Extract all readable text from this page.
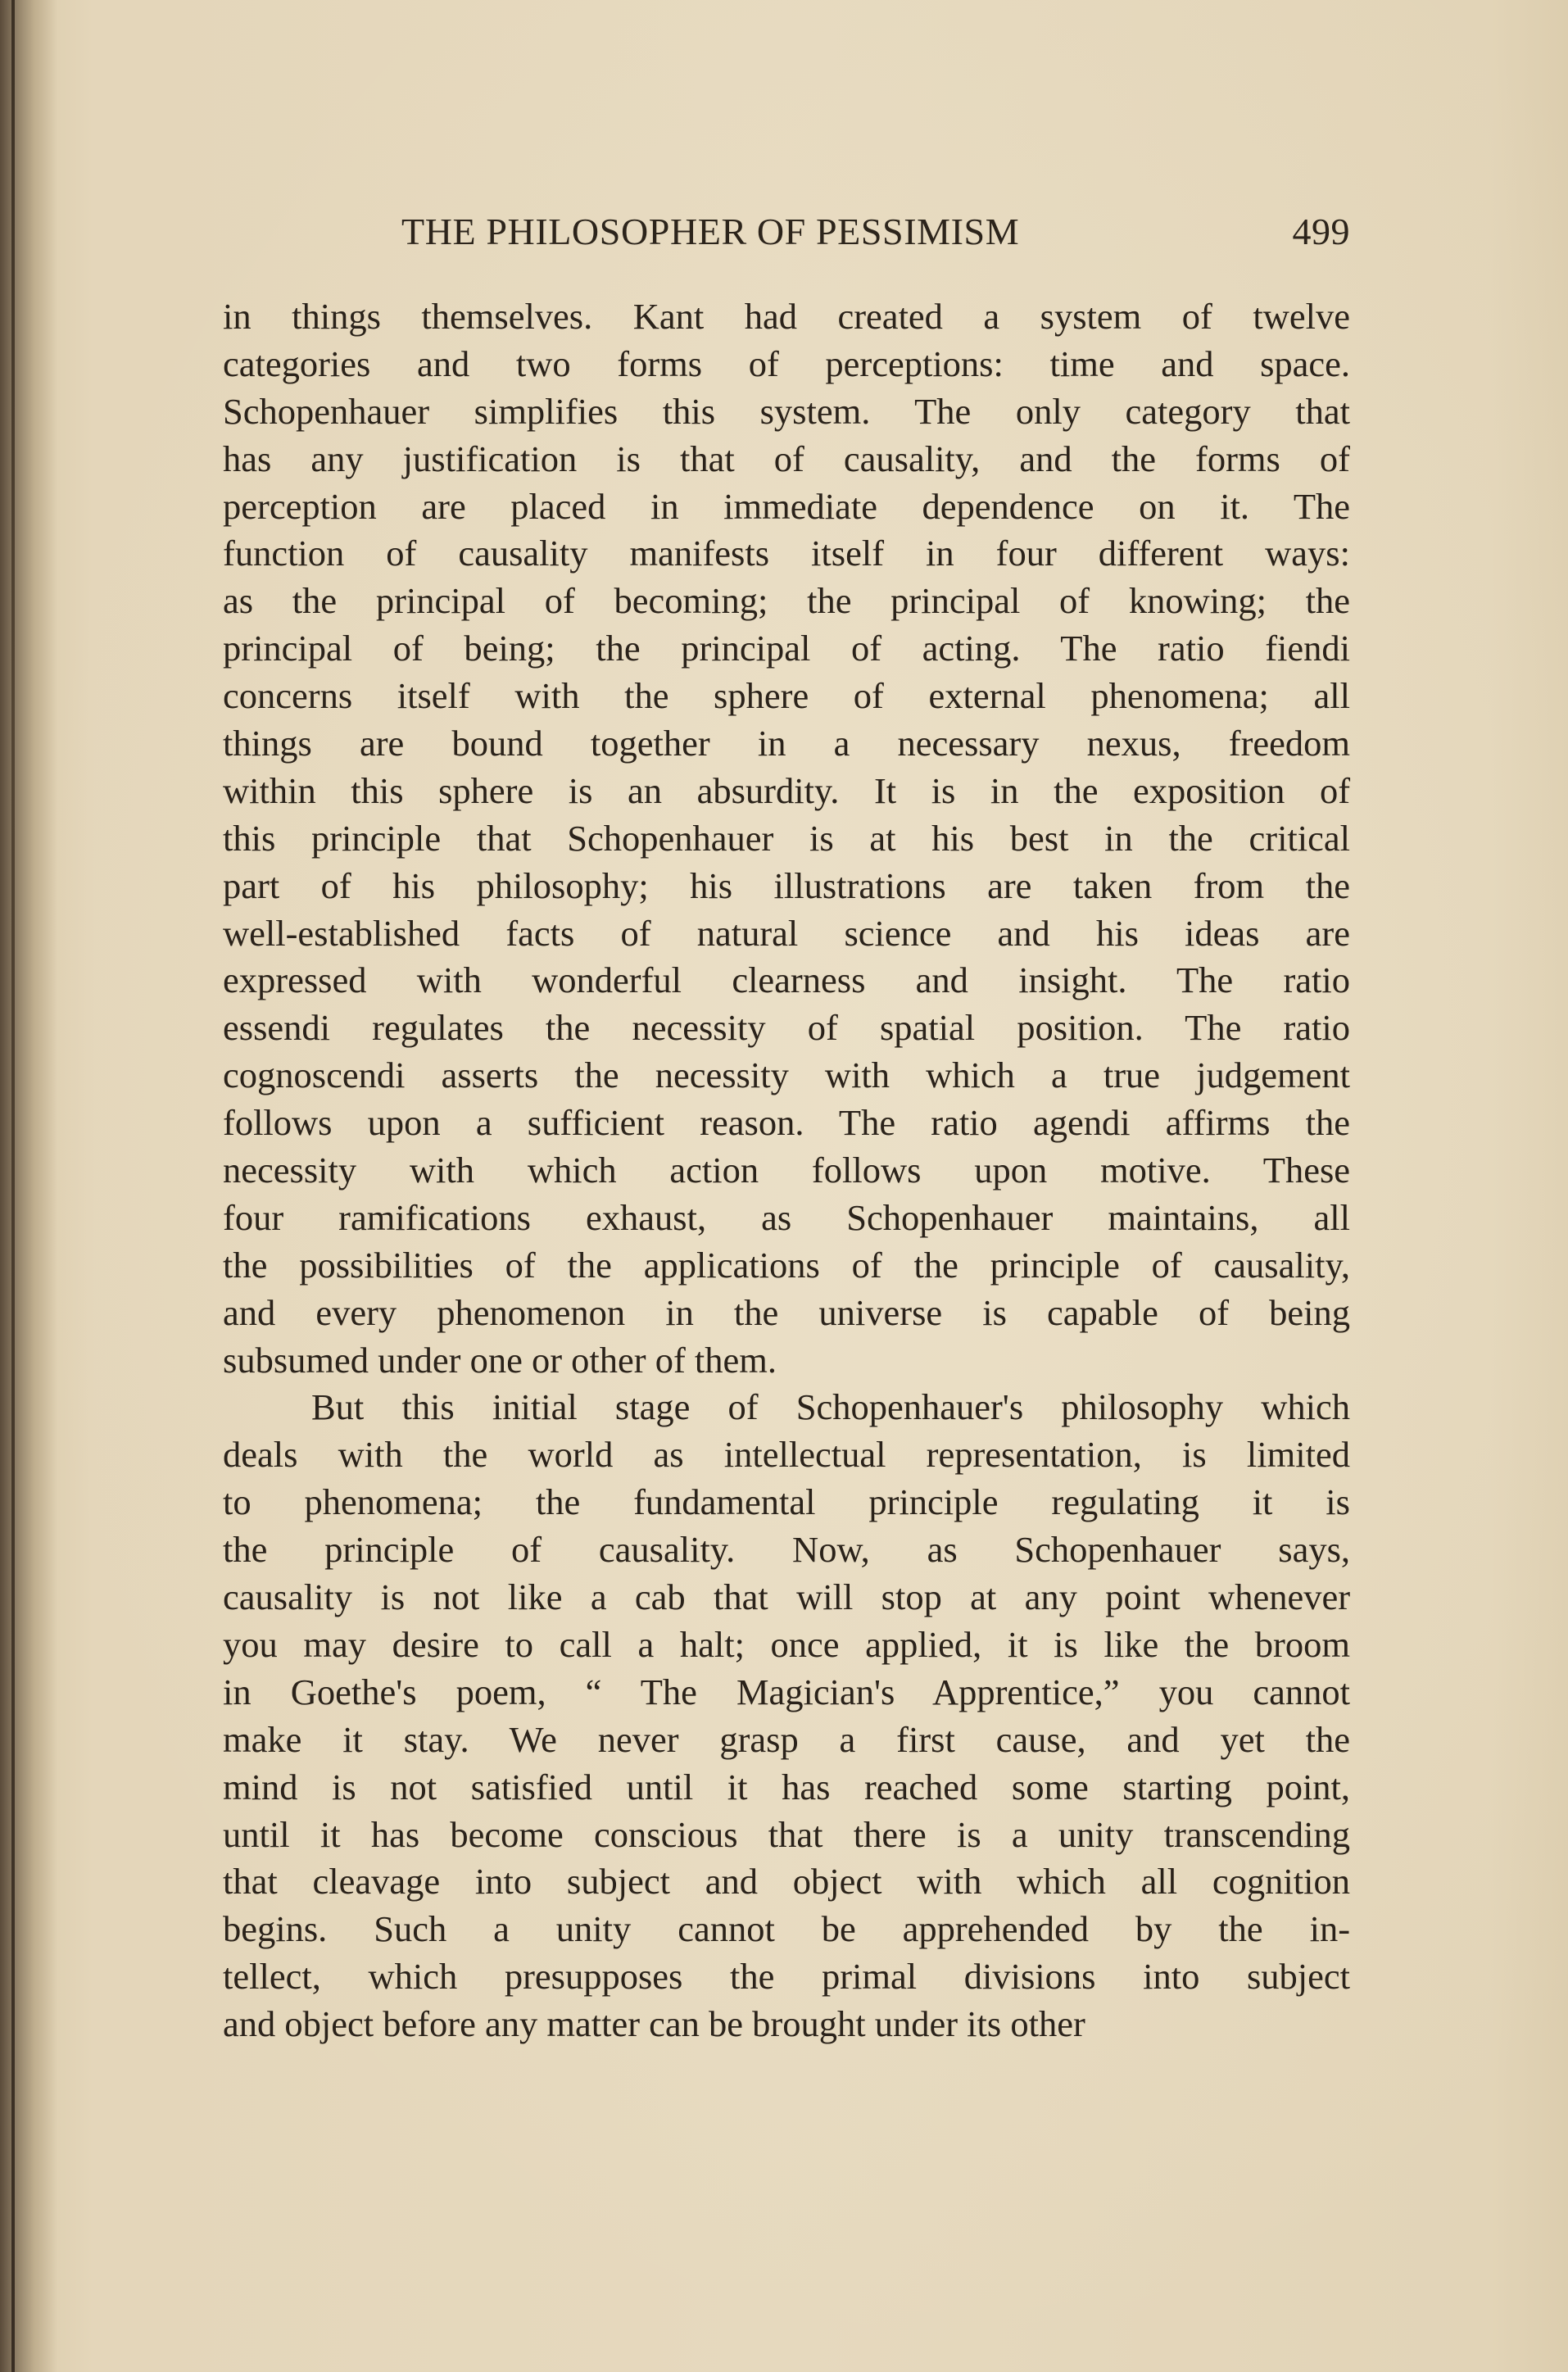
THE PHILOSOPHER OF PESSIMISM	499
in things themselves. Kant had created a system of twelve
categories and two forms of perceptions: time and space.
Schopenhauer simplifies this system. The only category that
has any justification is that of causality, and the forms of
perception are placed in immediate dependence on it. The
function of causality manifests itself in four different ways:
as the principal of becoming; the principal of knowing; the
principal of being; the principal of acting. The ratio fiendi
concerns itself with the sphere of external phenomena; all
things are bound together in a necessary nexus, freedom
within this sphere is an absurdity. It is in the exposition of
this principle that Schopenhauer is at his best in the critical
part of his philosophy; his illustrations are taken from the
well-established facts of natural science and his ideas are
expressed with wonderful clearness and insight. The ratio
essendi regulates the necessity of spatial position. The ratio
cognoscendi asserts the necessity with which a true judgement
follows upon a sufficient reason. The ratio agendi affirms the
necessity with which action follows upon motive. These
four ramifications exhaust, as Schopenhauer maintains, all
the possibilities of the applications of the principle of causality,
and every phenomenon in the universe is capable of being
subsumed under one or other of them.
But this initial stage of Schopenhauer's philosophy which
deals with the world as intellectual representation, is limited
to phenomena; the fundamental principle regulating it is
the principle of causality. Now, as Schopenhauer says,
causality is not like a cab that will stop at any point whenever
you may desire to call a halt; once applied, it is like the broom
in Goethe's poem, “ The Magician's Apprentice,” you cannot
make it stay. We never grasp a first cause, and yet the
mind is not satisfied until it has reached some starting point,
until it has become conscious that there is a unity transcending
that cleavage into subject and object with which all cognition
begins. Such a unity cannot be apprehended by the in-
tellect, which presupposes the primal divisions into subject
and object before any matter can be brought under its other
